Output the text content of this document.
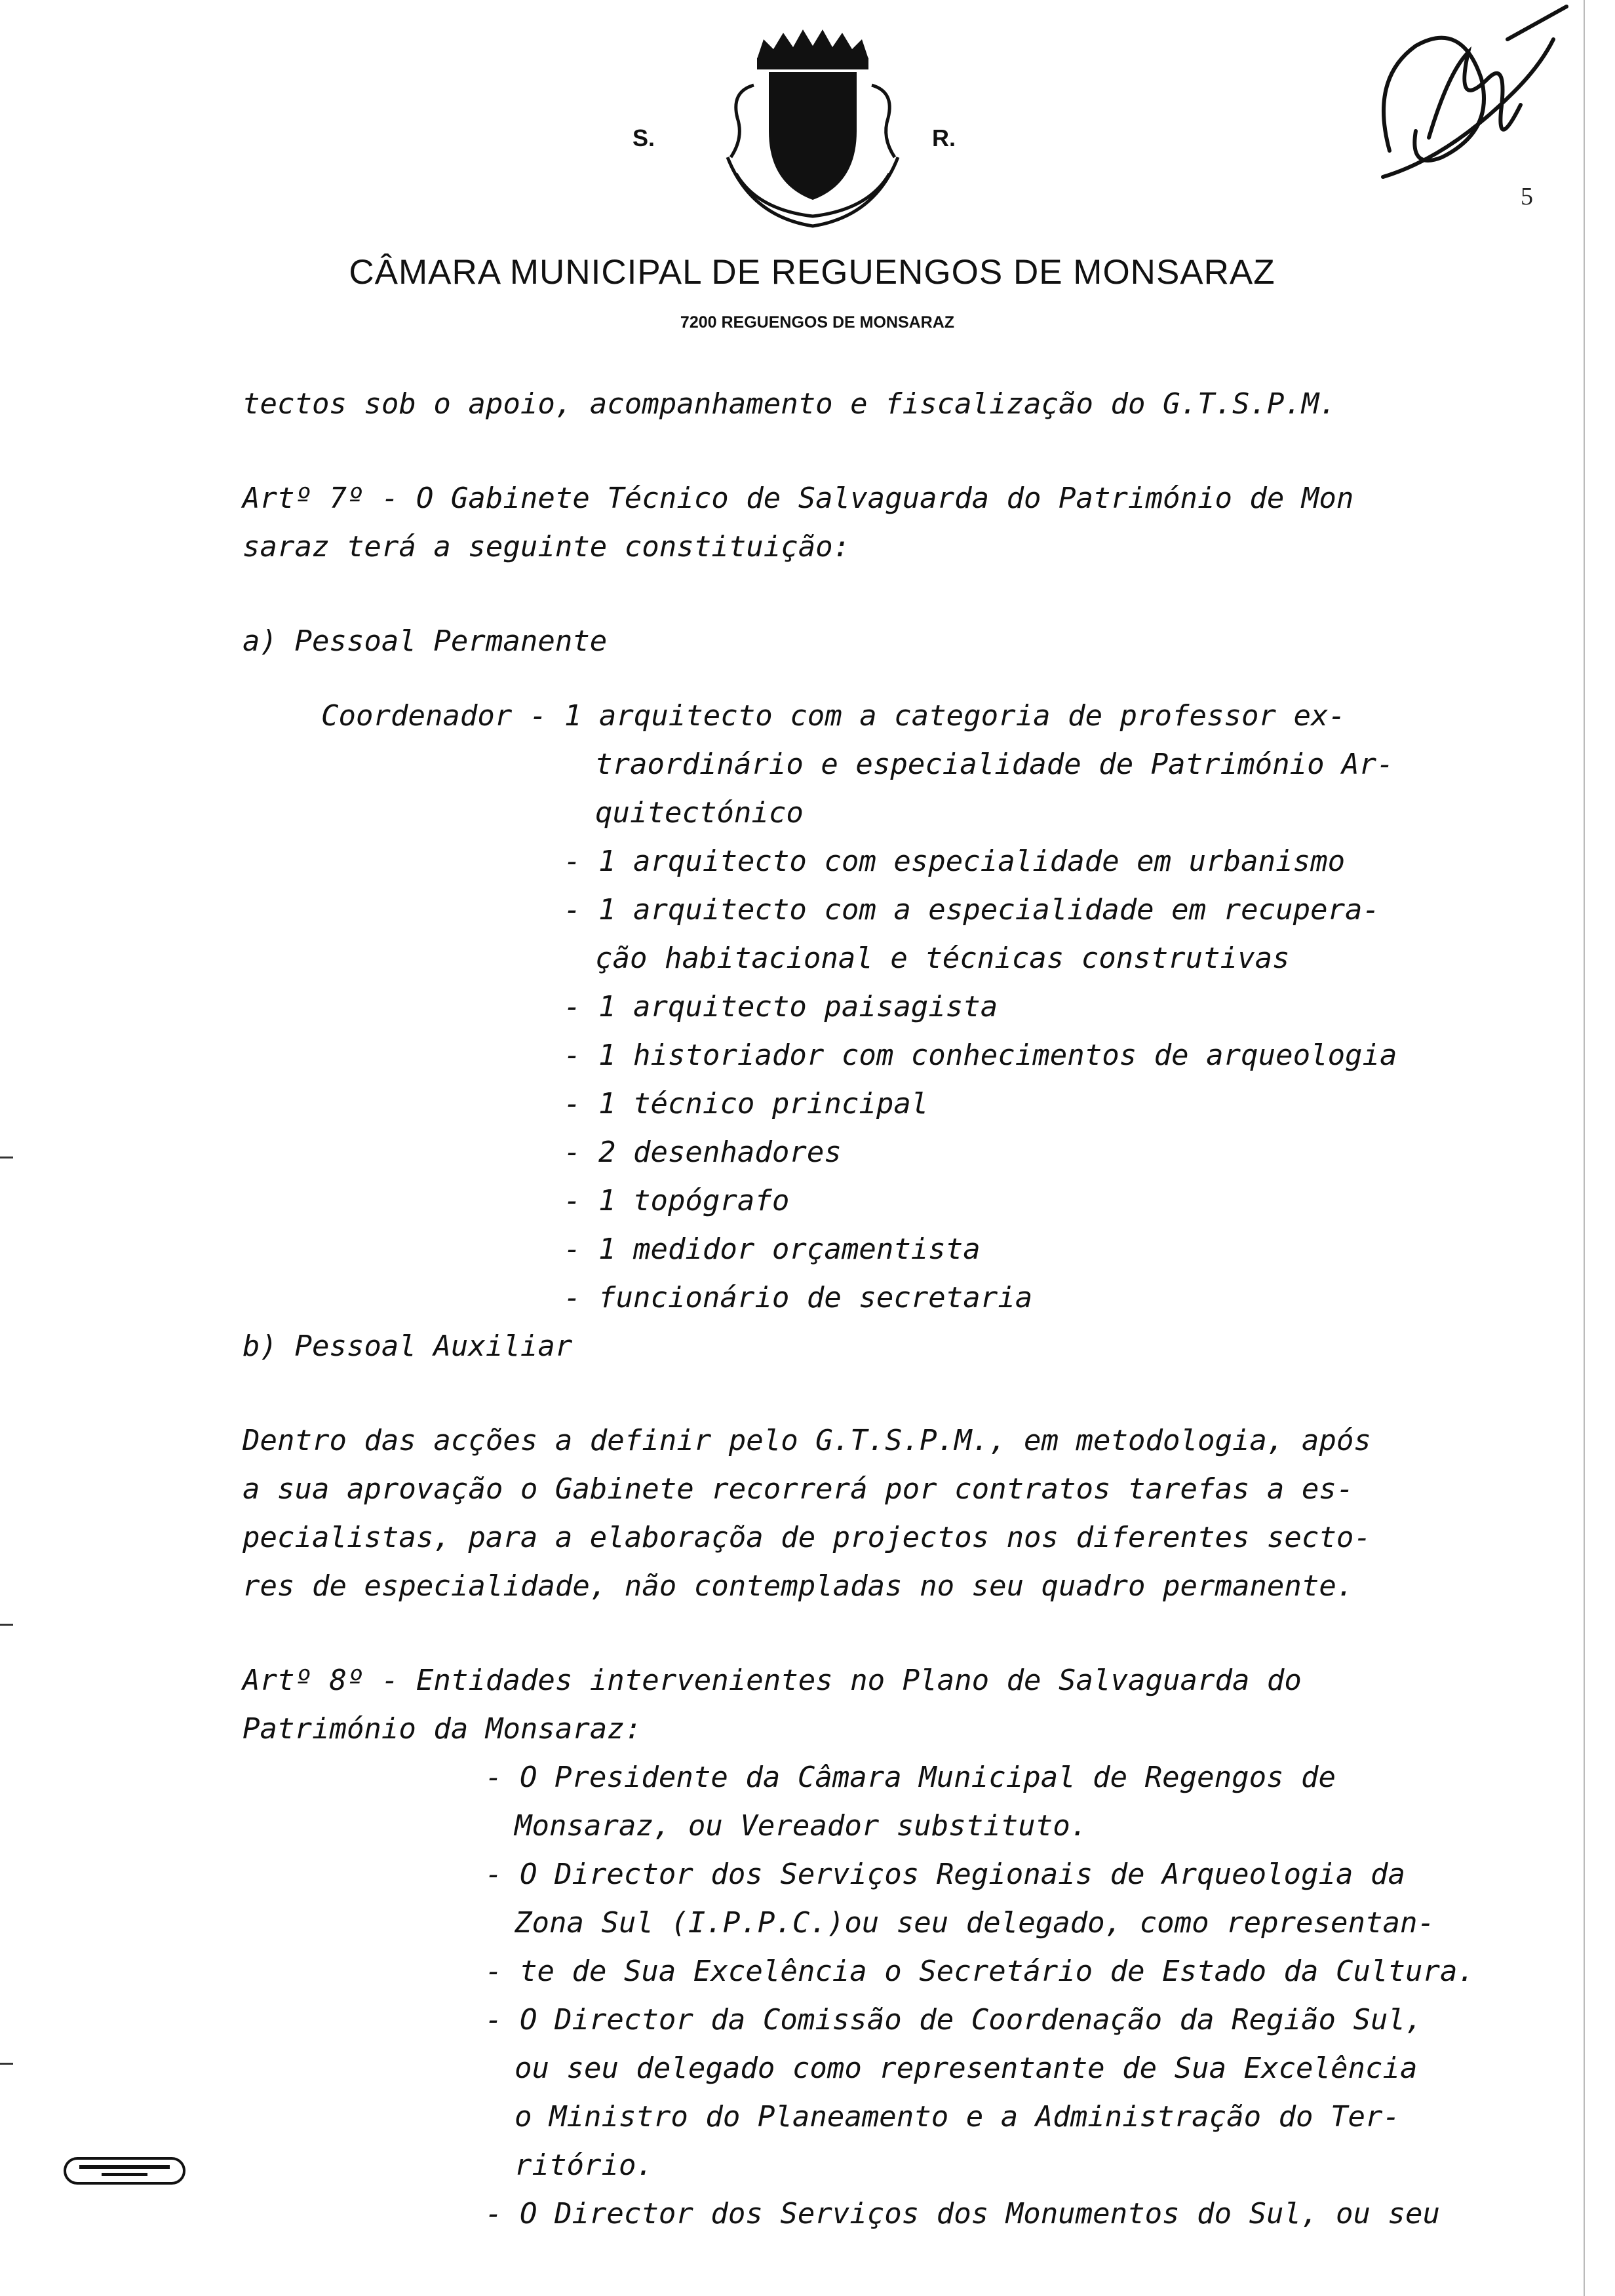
S.	R.
5
CÂMARA MUNICIPAL DE REGUENGOS DE MONSARAZ
7200 REGUENGOS DE MONSARAZ
tectos sob o apoio, acompanhamento e fiscalização do G.T.S.P.M.
Artº 7º - O Gabinete Técnico de Salvaguarda do Património de Mon
saraz terá a seguinte constituição:
a) Pessoal Permanente
Coordenador - 1 arquitecto com a categoria de professor ex-
traordinário e especialidade de Património Ar-
quitectónico
- 1 arquitecto com especialidade em urbanismo
- 1 arquitecto com a especialidade em recupera-
ção habitacional e técnicas construtivas
- 1 arquitecto paisagista
- 1 historiador com conhecimentos de arqueologia
- 1 técnico principal
- 2 desenhadores
- 1 topógrafo
- 1 medidor orçamentista
- funcionário de secretaria
b) Pessoal Auxiliar
Dentro das acções a definir pelo G.T.S.P.M., em metodologia, após
a sua aprovação o Gabinete recorrerá por contratos tarefas a es-
pecialistas, para a elaboraçõa de projectos nos diferentes secto-
res de especialidade, não contempladas no seu quadro permanente.
Artº 8º - Entidades intervenientes no Plano de Salvaguarda do
Património da Monsaraz:
- O Presidente da Câmara Municipal de Regengos de
Monsaraz, ou Vereador substituto.
- O Director dos Serviços Regionais de Arqueologia da
Zona Sul (I.P.P.C.)ou seu delegado, como representan-
- te de Sua Excelência o Secretário de Estado da Cultura.
- O Director da Comissão de Coordenação da Região Sul,
ou seu delegado como representante de Sua Excelência
o Ministro do Planeamento e a Administração do Ter-
ritório.
- O Director dos Serviços dos Monumentos do Sul, ou seu
